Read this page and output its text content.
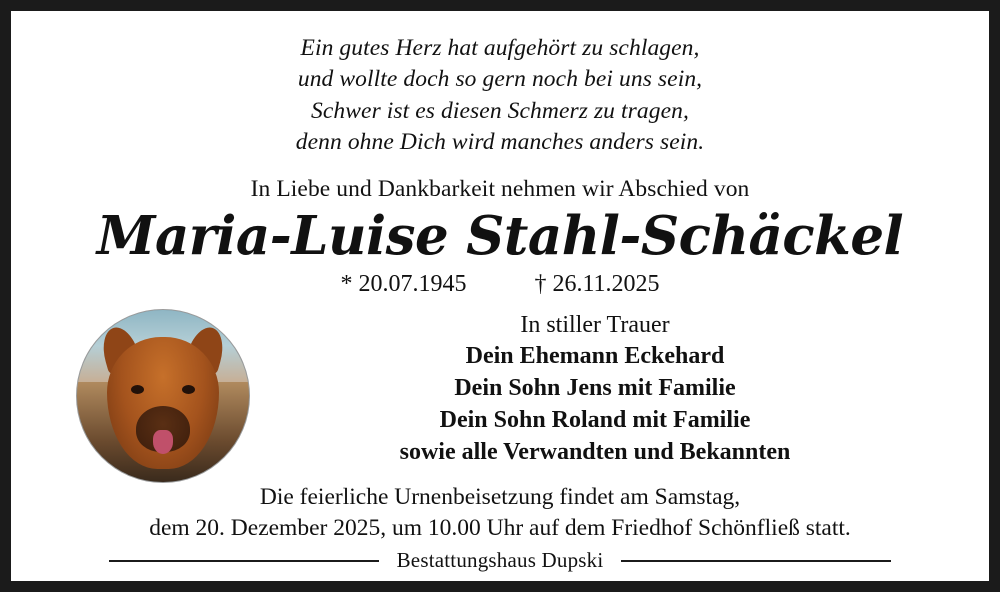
Ein gutes Herz hat aufgehört zu schlagen,
und wollte doch so gern noch bei uns sein,
Schwer ist es diesen Schmerz zu tragen,
denn ohne Dich wird manches anders sein.
In Liebe und Dankbarkeit nehmen wir Abschied von
Maria-Luise Stahl-Schäckel
* 20.07.1945	† 26.11.2025
In stiller Trauer
Dein Ehemann Eckehard
Dein Sohn Jens mit Familie
Dein Sohn Roland mit Familie
sowie alle Verwandten und Bekannten
Die feierliche Urnenbeisetzung findet am Samstag,
dem 20. Dezember 2025, um 10.00 Uhr auf dem Friedhof Schönfließ statt.
Bestattungshaus Dupski
